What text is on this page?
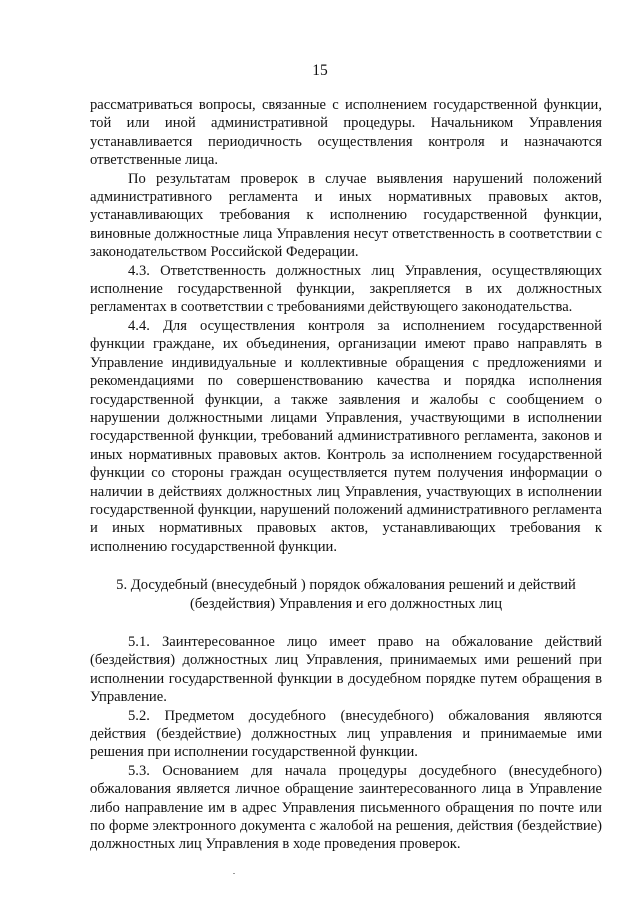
15

рассматриваться вопросы, связанные с исполнением государственной функции, той или иной административной процедуры. Начальником Управления устанавливается периодичность осуществления контроля и назначаются ответственные лица.

По результатам проверок в случае выявления нарушений положений административного регламента и иных нормативных правовых актов, устанавливающих требования к исполнению государственной функции, виновные должностные лица Управления несут ответственность в соответствии с законодательством Российской Федерации.

4.3. Ответственность должностных лиц Управления, осуществляющих исполнение государственной функции, закрепляется в их должностных регламентах в соответствии с требованиями действующего законодательства.

4.4. Для осуществления контроля за исполнением государственной функции граждане, их объединения, организации имеют право направлять в Управление индивидуальные и коллективные обращения с предложениями и рекомендациями по совершенствованию качества и порядка исполнения государственной функции, а также заявления и жалобы с сообщением о нарушении должностными лицами Управления, участвующими в исполнении государственной функции, требований административного регламента, законов и иных нормативных правовых актов. Контроль за исполнением государственной функции со стороны граждан осуществляется путем получения информации о наличии в действиях должностных лиц Управления, участвующих в исполнении государственной функции, нарушений положений административного регламента и иных нормативных правовых актов, устанавливающих требования к исполнению государственной функции.

5. Досудебный (внесудебный ) порядок обжалования решений и действий
(бездействия) Управления и его должностных лиц

5.1. Заинтересованное лицо имеет право на обжалование действий (бездействия) должностных лиц Управления, принимаемых ими решений при исполнении государственной функции в досудебном порядке путем обращения в Управление.

5.2. Предметом досудебного (внесудебного) обжалования являются действия (бездействие) должностных лиц управления и принимаемые ими решения при исполнении государственной функции.

5.3. Основанием для начала процедуры досудебного (внесудебного) обжалования является личное обращение заинтересованного лица в Управление либо направление им в адрес Управления письменного обращения по почте или по форме электронного документа с жалобой на решения, действия (бездействие) должностных лиц Управления в ходе проведения проверок.
